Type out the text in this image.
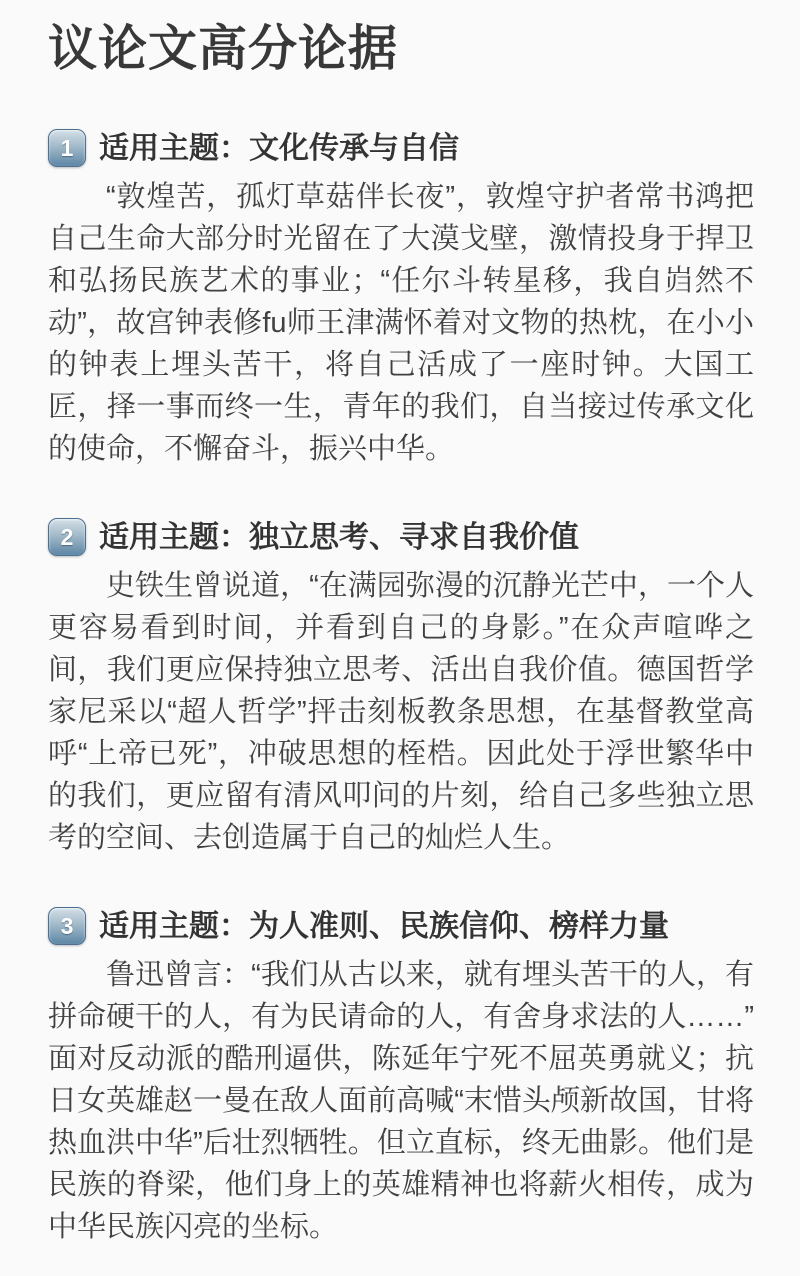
议论文高分论据
1 适用主题：文化传承与自信

“敦煌苦，孤灯草菇伴长夜”，敦煌守护者常书鸿把自己生命大部分时光留在了大漠戈壁，激情投身于捍卫和弘扬民族艺术的事业；“任尔斗转星移，我自岿然不动”，故宫钟表修fu师王津满怀着对文物的热枕，在小小的钟表上埋头苦干，将自己活成了一座时钟。大国工匠，择一事而终一生，青年的我们，自当接过传承文化的使命，不懈奋斗，振兴中华。

2 适用主题：独立思考、寻求自我价值

史铁生曾说道，“在满园弥漫的沉静光芒中，一个人更容易看到时间，并看到自己的身影。”在众声喧哗之间，我们更应保持独立思考、活出自我价值。德国哲学家尼采以“超人哲学”抨击刻板教条思想，在基督教堂高呼“上帝已死”，冲破思想的桎梏。因此处于浮世繁华中的我们，更应留有清风叩问的片刻，给自己多些独立思考的空间、去创造属于自己的灿烂人生。

3 适用主题：为人准则、民族信仰、榜样力量

鲁迅曾言：“我们从古以来，就有埋头苦干的人，有拼命硬干的人，有为民请命的人，有舍身求法的人……”面对反动派的酷刑逼供，陈延年宁死不屈英勇就义；抗日女英雄赵一曼在敌人面前高喊“末惜头颅新故国，甘将热血洪中华”后壮烈牺牲。但立直标，终无曲影。他们是民族的脊梁，他们身上的英雄精神也将薪火相传，成为中华民族闪亮的坐标。
